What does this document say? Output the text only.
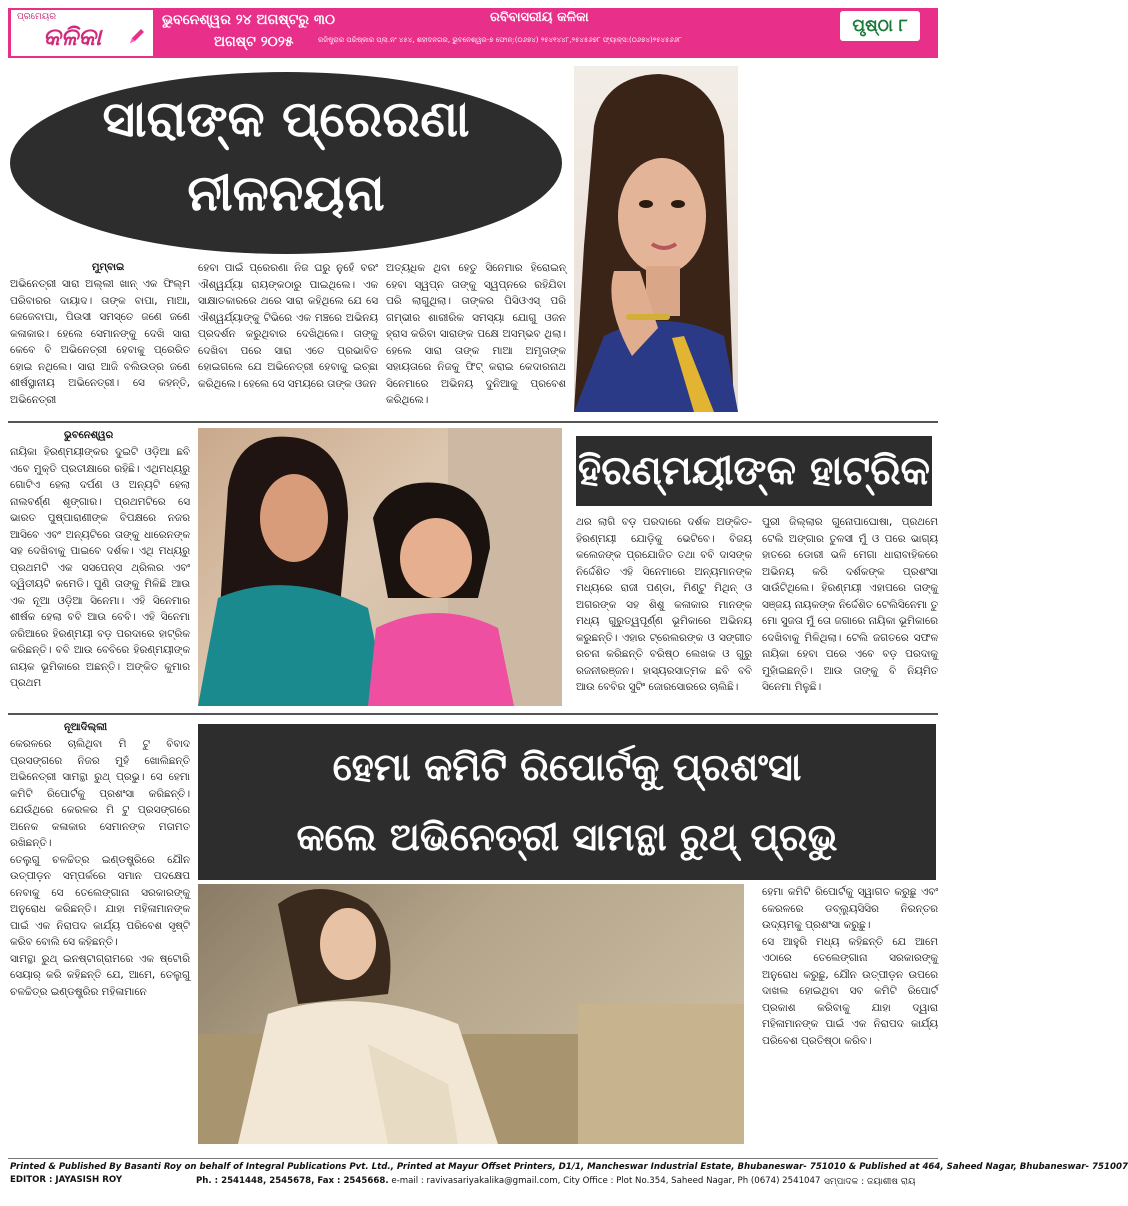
ପ୍ରମେୟର
କଳିକା
ଭୁବନେଶ୍ୱର ୨୪ ଅଗଷ୍ଟରୁ ୩୦
ଅଗଷ୍ଟ ୨୦୨୫
ରବିବାସରୀୟ କଳିକା
ରଜିଷ୍ଟ୍ରାର ପରିଷ୍କାର ପ୍ଲା.ନଂ ୪୫୪, ଶହୀଦନଗର, ଭୁବନେଶ୍ୱର-୭ ଫୋନ୍:(୦୬୭୪) ୨୫୪୧୪୪୮,୨୫୪୫୬୭୮ ଫ୍ୟାକ୍ସ:(୦୬୭୪)୨୫୪୫୬୬୮
ପୃଷ୍ଠା ୮
ସାରାଙ୍କ ପ୍ରେରଣା ନୀଳନୟନା
ମୁମ୍ବାଇ
ଅଭିନେତ୍ରୀ ସାରା ଅଲ୍ଲୀ ଖାନ୍ ଏକ ଫିଲ୍ମ ପରିବାରର ଦାୟାଦ। ତାଙ୍କ ବାପା, ମାଆ, ଜେଜେବାପା, ପିଉସୀ ସମସ୍ତେ ଜଣେ ଜଣେ କଳାକାର। ହେଲେ ସେମାନଙ୍କୁ ଦେଖି ସାରା କେବେ ବି ଅଭିନେତ୍ରୀ ହେବାକୁ ପ୍ରେରିତ ହୋଇ ନଥିଲେ। ସାରା ଆଜି ବଲିଉଡ୍‌ର ଜଣେ ଶୀର୍ଷସ୍ଥାନୀୟ ଅଭିନେତ୍ରୀ। ସେ କହନ୍ତି, ଅଭିନେତ୍ରୀ
ହେବା ପାଇଁ ପ୍ରେରଣା ନିଜ ଘରୁ ନୁହେଁ ବରଂ ଐଶ୍ୱର୍ଯ୍ୟା ରାୟଙ୍କଠାରୁ ପାଇଥିଲେ। ଏକ ସାକ୍ଷାତକାରରେ ଥରେ ସାରା କହିଥିଲେ ଯେ ସେ ଐଶ୍ୱର୍ଯ୍ୟାଙ୍କୁ ଟିଭିରେ ଏକ ମଞ୍ଚରେ ଅଭିନୟ ପ୍ରଦର୍ଶନ କରୁଥିବାର ଦେଖିଥିଲେ। ତାଙ୍କୁ ଦେଖିବା ପରେ ସାରା ଏତେ ପ୍ରଭାବିତ ହୋଇଗଲେ ଯେ ଅଭିନେତ୍ରୀ ହେବାକୁ ଇଚ୍ଛା କରିଥିଲେ। ହେଲେ ସେ ସମୟରେ ତାଙ୍କ ଓଜନ
ଅତ୍ୟଧିକ ଥିବା ହେତୁ ସିନେମାର ହିରୋଇନ୍ ହେବା ସ୍ୱପ୍ନ ତାଙ୍କୁ ସ୍ୱପ୍ନରେ ରହିଯିବା ପରି ଲାଗୁଥିଲା। ତାଙ୍କର ପିସିଓଏସ୍ ପରି ଗମ୍ଭୀର ଶାରୀରିକ ସମସ୍ୟା ଯୋଗୁ ଓଜନ ହ୍ରାସ କରିବା ସାରାଙ୍କ ପକ୍ଷେ ଅସମ୍ଭବ ଥିଲା। ହେଲେ ସାରା ତାଙ୍କ ମାଆ ଅମୃତାଙ୍କ ସହାୟତାରେ ନିଜକୁ ଫିଟ୍ କରାଇ କେଦାରନାଥ ସିନେମାରେ ଅଭିନୟ ଦୁନିଆକୁ ପ୍ରବେଶ କରିଥିଲେ।
ଭୁବନେଶ୍ୱର
ନାୟିକା ହିରଣ୍ମୟୀଙ୍କର ଦୁଇଟି ଓଡ଼ିଆ ଛବି ଏବେ ମୁକ୍ତି ପ୍ରତୀକ୍ଷାରେ ରହିଛି। ଏଥିମଧ୍ୟରୁ ଗୋଟିଏ ହେଲା ଦର୍ପଣ ଓ ଅନ୍ୟଟି ହେଲା ନାଲବର୍ଣ୍ଣ ଶୃଙ୍ଗାର। ପ୍ରଥମଟିରେ ସେ ଭାରତ ପୁଷ୍ପାରାଣୀଙ୍କ ବିପକ୍ଷରେ ନଜର ଆସିବେ ଏବଂ ଅନ୍ୟଟିରେ ତାଙ୍କୁ ଧାରେନଙ୍କ ସହ ଦେଖିବାକୁ ପାଇବେ ଦର୍ଶକ। ଏଥି ମଧ୍ୟରୁ ପ୍ରଥମଟି ଏକ ସସପେନ୍ସ ଥ୍ରିଲର ଏବଂ ଦ୍ୱିତୀୟଟି କମେଡି। ପୁଣି ତାଙ୍କୁ ମିଳିଛି ଆଉ ଏକ ନୂଆ ଓଡ଼ିଆ ସିନେମା। ଏହି ସିନେମାର ଶୀର୍ଷକ ହେଲା ବବି ଆଉ ବେବି। ଏହି ସିନେମା ଜରିଆରେ ହିରଣ୍ମୟୀ ବଡ଼ ପରଦାରେ ହାଟ୍ରିକ କରିଛନ୍ତି। ବବି ଆଉ ବେବିରେ ହିରଣ୍ମୟୀଙ୍କ ନାୟକ ଭୂମିକାରେ ଅଛନ୍ତି। ଅଙ୍କିତ କୁମାର ପ୍ରଥମ
ହିରଣ୍ମୟୀଙ୍କ ହାଟ୍ରିକ
ଥର ଲାଗି ବଡ଼ ପରଦାରେ ଦର୍ଶକ ଅଙ୍କିତ-ହିରଣ୍ମୟୀ ଯୋଡ଼ିକୁ ଭେଟିବେ। ବିଜୟ କଲେଜଙ୍କ ପ୍ରଯୋଜିତ ତଥା ବବି ଦାସଙ୍କ ନିର୍ଦ୍ଦେଶିତ ଏହି ସିନେମାରେ ଅନ୍ୟମାନଙ୍କ ମଧ୍ୟରେ ରାଜୀ ପଣ୍ଡା, ମିଣ୍ଟୁ ମିଥିନ୍ ଓ ଅଗରଙ୍କ ସହ ଶିଶୁ କଳାକାର ମାନଙ୍କ ମଧ୍ୟ ଗୁରୁତ୍ୱପୂର୍ଣ୍ଣ ଭୂମିକାରେ ଅଭିନୟ କରୁଛନ୍ତି। ଏହାର ଟ୍ରେଲରଙ୍କ ଓ ସଙ୍ଗୀତ ରଚନା କରିଛନ୍ତି ବରିଷ୍ଠ ଲେଖକ ଓ ଗୁରୁ ରଜନୀରଞ୍ଜନ। ହାସ୍ୟରସାତ୍ମକ ଛବି ବବି ଆଉ ବେବିର ସୁଟିଂ ଜୋରସୋରରେ ଚାଲିଛି।
ପୁରୀ ଜିଲ୍ଲାର ଗୁନୋପାଘୋଷା, ପ୍ରଥମେ ଟେଲି ଅଙ୍ଗାର ତୁଳସୀ ମୁଁ ଓ ପରେ ଭାଗ୍ୟ ହାତରେ ଡୋରୀ ଭଳି ମେଗା ଧାରାବାହିକରେ ଅଭିନୟ କରି ଦର୍ଶକଙ୍କ ପ୍ରଶଂସା ସାଉଁଟିଥିଲେ। ହିରଣ୍ମୟୀ ଏହାପରେ ତାଙ୍କୁ ସଞ୍ଜୟ ନାୟକଙ୍କ ନିର୍ଦ୍ଦେଶିତ ଟେଲିସିନେମା ତୁ ମୋ ସୁଜତା ମୁଁ ତୋ ଜଗାରେ ନାୟିକା ଭୂମିକାରେ ଦେଖିବାକୁ ମିଳିଥିଲା। ଟେଲି ଜଗତରେ ସଫଳ ନାୟିକା ହେବା ପରେ ଏବେ ବଡ଼ ପରଦାକୁ ମୁହାଁଇଛନ୍ତି। ଆଉ ତାଙ୍କୁ ବି ନିୟମିତ ସିନେମା ମିଳୁଛି।
ନୂଆଦିଲ୍ଲୀ
କେରଳରେ ଚାଲିଥିବା ମି ଟୁ ବିବାଦ ପ୍ରସଙ୍ଗରେ ନିଜର ମୁହଁ ଖୋଲିଛନ୍ତି ଅଭିନେତ୍ରୀ ସାମନ୍ଥା ରୁଥ୍ ପ୍ରଭୁ। ସେ ହେମା କମିଟି ରିପୋର୍ଟକୁ ପ୍ରଶଂସା କରିଛନ୍ତି। ଯେଉଁଥିରେ କେରଳର ମି ଟୁ ପ୍ରସଙ୍ଗରେ ଅନେକ କଳାକାର ସେମାନଙ୍କ ମତାମତ ରଖିଛନ୍ତି।
ତେଲୁଗୁ ଚଳଚ୍ଚିତ୍ର ଇଣ୍ଡଷ୍ଟ୍ରିରେ ଯୌନ ଉତ୍ପୀଡ଼ନ ସମ୍ପର୍କରେ ସମାନ ପଦକ୍ଷେପ ନେବାକୁ ସେ ତେଲେଙ୍ଗାନା ସରକାରଙ୍କୁ ଅନୁରୋଧ କରିଛନ୍ତି। ଯାହା ମହିଳାମାନଙ୍କ ପାଇଁ ଏକ ନିରାପଦ କାର୍ଯ୍ୟ ପରିବେଶ ସୃଷ୍ଟି କରିବ ବୋଲି ସେ କହିଛନ୍ତି।
ସାମନ୍ଥା ରୁଥ୍ ଇନଷ୍ଟାଗ୍ରାମରେ ଏକ ଷ୍ଟୋରି ସେୟାର୍ କରି କହିଛନ୍ତି ଯେ, ଆମେ, ତେଲୁଗୁ ଚଳଚ୍ଚିତ୍ର ଇଣ୍ଡଷ୍ଟ୍ରିର ମହିଳାମାନେ
ହେମା କମିଟି ରିପୋର୍ଟକୁ ପ୍ରଶଂସା
କଲେ ଅଭିନେତ୍ରୀ ସାମନ୍ଥା ରୁଥ୍ ପ୍ରଭୁ
ହେମା କମିଟି ରିପୋର୍ଟକୁ ସ୍ୱାଗତ କରୁଛୁ ଏବଂ କେରଳରେ ଡବ୍ଲ୍ୟୁସିସିର ନିରନ୍ତର ଉଦ୍ୟମକୁ ପ୍ରଶଂସା କରୁଛୁ।
ସେ ଆହୁରି ମଧ୍ୟ କହିଛନ୍ତି ଯେ ଆମେ ଏଠାରେ ତେଲେଙ୍ଗାନା ସରକାରଙ୍କୁ ଅନୁରୋଧ କରୁଛୁ, ଯୌନ ଉତ୍ପୀଡ଼ନ ଉପରେ ଦାଖଲ ହୋଇଥିବା ସବ କମିଟି ରିପୋର୍ଟ ପ୍ରକାଶ କରିବାକୁ ଯାହା ଦ୍ୱାରା ମହିଳାମାନଙ୍କ ପାଇଁ ଏକ ନିରାପଦ କାର୍ଯ୍ୟ ପରିବେଶ ପ୍ରତିଷ୍ଠା କରିବ।
Printed & Published By Basanti Roy on behalf of Integral Publications Pvt. Ltd., Printed at Mayur Offset Printers, D1/1, Mancheswar Industrial Estate, Bhubaneswar- 751010 & Published at 464, Saheed Nagar, Bhubaneswar- 751007
EDITOR : JAYASISH ROY	Ph. : 2541448, 2545678, Fax : 2545668. e-mail : ravivasariyakalika@gmail.com, City Office : Plot No.354, Saheed Nagar, Ph (0674) 2541047 ସମ୍ପାଦକ : ଜୟାଶୀଷ ରାୟ
